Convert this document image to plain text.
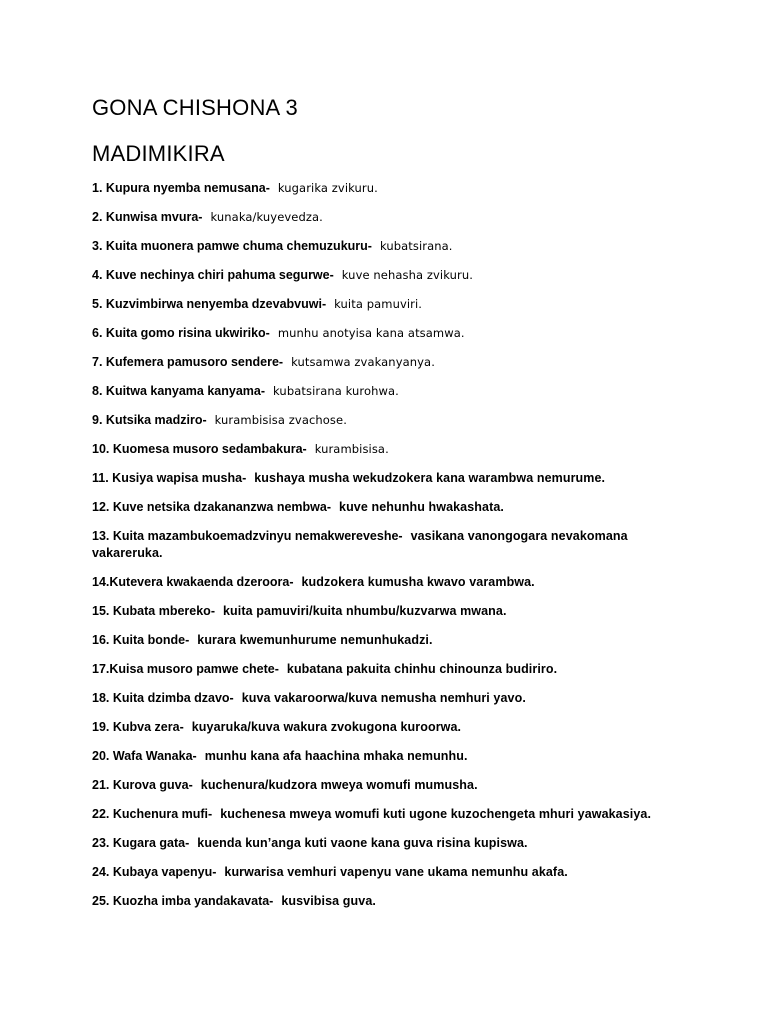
GONA CHISHONA 3
MADIMIKIRA
1. Kupura nyemba nemusana- kugarika zvikuru.
2. Kunwisa mvura- kunaka/kuyevedza.
3. Kuita muonera pamwe chuma chemuzukuru- kubatsirana.
4. Kuve nechinya chiri pahuma segurwe- kuve nehasha zvikuru.
5. Kuzvimbirwa nenyemba dzevabvuwi- kuita pamuviri.
6. Kuita gomo risina ukwiriko- munhu anotyisa kana atsamwa.
7. Kufemera pamusoro sendere- kutsamwa zvakanyanya.
8. Kuitwa kanyama kanyama- kubatsirana kurohwa.
9. Kutsika madziro- kurambisisa zvachose.
10. Kuomesa musoro sedambakura- kurambisisa.
11. Kusiya wapisa musha- kushaya musha wekudzokera kana warambwa nemurume.
12. Kuve netsika dzakananzwa nembwa- kuve nehunhu hwakashata.
13. Kuita mazambukoemadzvinyu nemakwereveshe- vasikana vanongogara nevakomana vakareruka.
14.Kutevera kwakaenda dzeroora- kudzokera kumusha kwavo varambwa.
15. Kubata mbereko- kuita pamuviri/kuita nhumbu/kuzvarwa mwana.
16. Kuita bonde- kurara kwemunhurume nemunhukadzi.
17.Kuisa musoro pamwe chete- kubatana pakuita chinhu chinounza budiriro.
18. Kuita dzimba dzavo- kuva vakaroorwa/kuva nemusha nemhuri yavo.
19. Kubva zera- kuyaruka/kuva wakura zvokugona kuroorwa.
20. Wafa Wanaka- munhu kana afa haachina mhaka nemunhu.
21. Kurova guva- kuchenura/kudzora mweya womufi mumusha.
22. Kuchenura mufi- kuchenesa mweya womufi kuti ugone kuzochengeta mhuri yawakasiya.
23. Kugara gata- kuenda kun’anga kuti vaone kana guva risina kupiswa.
24. Kubaya vapenyu- kurwarisa vemhuri vapenyu vane ukama nemunhu akafa.
25. Kuozha imba yandakavata- kusvibisa guva.
